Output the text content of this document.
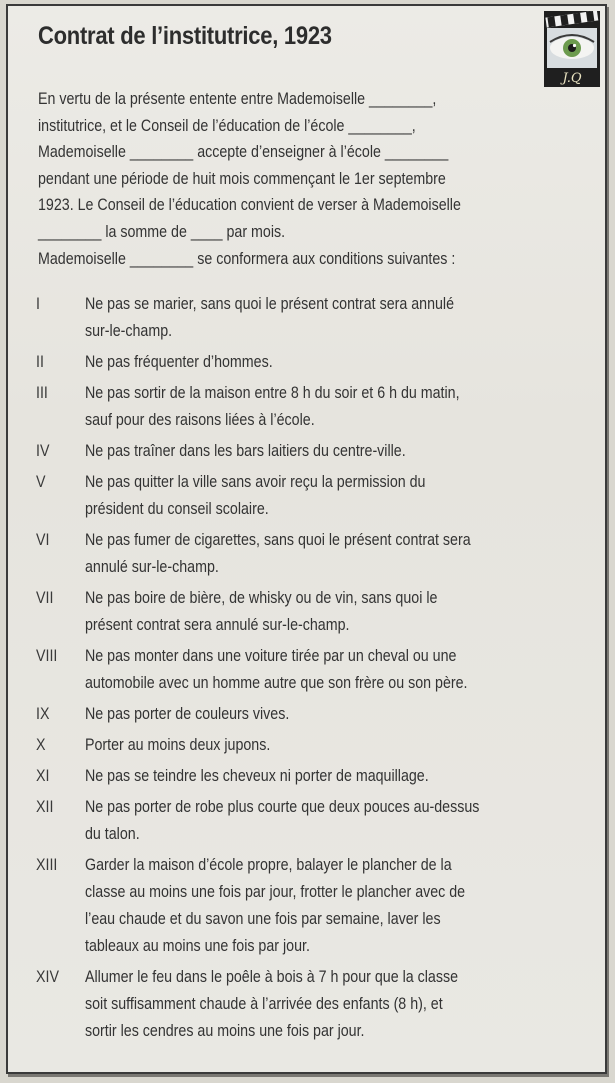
Contrat de l’institutrice, 1923
J.Q
En vertu de la présente entente entre Mademoiselle ________,
institutrice, et le Conseil de l’éducation de l’école ________,
Mademoiselle ________ accepte d’enseigner à l’école ________
pendant une période de huit mois commençant le 1er septembre
1923. Le Conseil de l’éducation convient de verser à Mademoiselle
________ la somme de ____ par mois.
Mademoiselle ________ se conformera aux conditions suivantes :
I	Ne pas se marier, sans quoi le présent contrat sera annulé
sur-le-champ.
II	Ne pas fréquenter d’hommes.
III Ne pas sortir de la maison entre 8 h du soir et 6 h du matin,
sauf pour des raisons liées à l’école.
IV Ne pas traîner dans les bars laitiers du centre-ville.
V Ne pas quitter la ville sans avoir reçu la permission du
président du conseil scolaire.
VI Ne pas fumer de cigarettes, sans quoi le présent contrat sera
annulé sur-le-champ.
VII Ne pas boire de bière, de whisky ou de vin, sans quoi le
présent contrat sera annulé sur-le-champ.
VIII Ne pas monter dans une voiture tirée par un cheval ou une
automobile avec un homme autre que son frère ou son père.
IX Ne pas porter de couleurs vives.
X Porter au moins deux jupons.
XI Ne pas se teindre les cheveux ni porter de maquillage.
XII Ne pas porter de robe plus courte que deux pouces au-dessus
du talon.
XIII Garder la maison d’école propre, balayer le plancher de la
classe au moins une fois par jour, frotter le plancher avec de
l’eau chaude et du savon une fois par semaine, laver les
tableaux au moins une fois par jour.
XIV Allumer le feu dans le poêle à bois à 7 h pour que la classe
soit suffisamment chaude à l’arrivée des enfants (8 h), et
sortir les cendres au moins une fois par jour.
